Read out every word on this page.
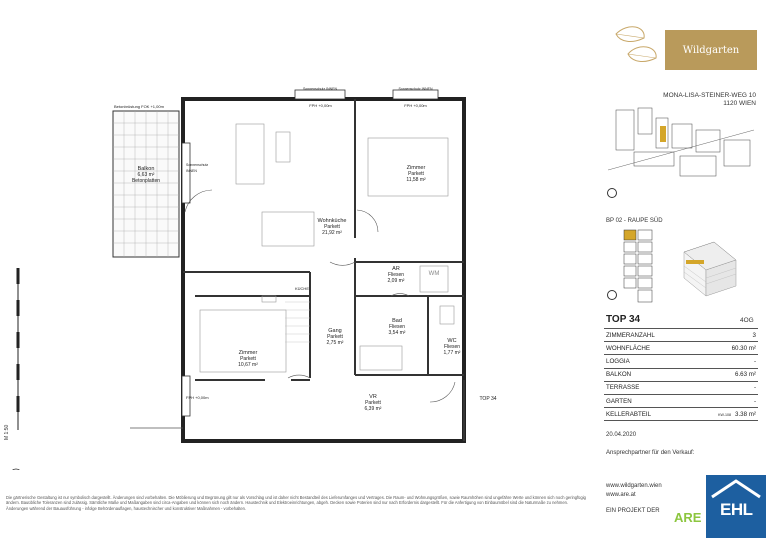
Betonbrüstung FOK +1,00m
Sonnenschutz INNEN	Sonnenschutz INNEN
FPH +0,00m	FPH +0,00m
FPH +0,00m
Sonnenschutz INNEN
WM
KÜCHE
TOP 34
Balkon
6,63 m²
Betonplatten
Wohnküche
Parkett
21,92 m²
Zimmer
Parkett
11,58 m²
AR
Fliesen
2,09 m²
Gang
Parkett
2,75 m²
Bad
Fliesen
3,54 m²
WC
Fliesen
1,77 m²
Zimmer
Parkett
10,67 m²
VR
Parkett
6,39 m²
M 1:50
Wildgarten
MONA-LISA-STEINER-WEG 10
1120 WIEN
BP 02 - RAUPE SÜD
TOP 34	4OG
ZIMMERANZAHL	3
WOHNFLÄCHE	60.30 m²
LOGGIA	-
BALKON	6.63 m²
TERRASSE	-
GARTEN	-
KELLERABTEIL	KW-108 3.38 m²
20.04.2020
Ansprechpartner für den Verkauf:
www.wildgarten.wien
www.are.at
EIN PROJEKT DER ARE EHL
Die gärtnerische Gestaltung ist nur symbolisch dargestellt. Änderungen sind vorbehalten. Die Möblierung und Begrünung gilt nur als Vorschlag und ist daher nicht Bestandteil des Lieferumfanges und Vertrages. Die Raum- und Wohnungsgrößen, sowie Raumhöhen sind ungefähre Werte und können sich noch geringfügig ändern. Bauübliche Toleranzen sind zulässig. Sämtliche Maße und Maßangaben sind circa-Angaben und können sich noch ändern. Haustechnik und Elektroeinrichtungen, abgeh. Decken sowie Poterien sind nur nach Erfordernis dargestellt. Für die Anfertigung von Einbaumöbel sind die Naturmaße zu nehmen. Änderungen während der Bauausführung - infolge Behördenauflagen, haustechnischer und konstruktiver Maßnahmen - vorbehalten.
